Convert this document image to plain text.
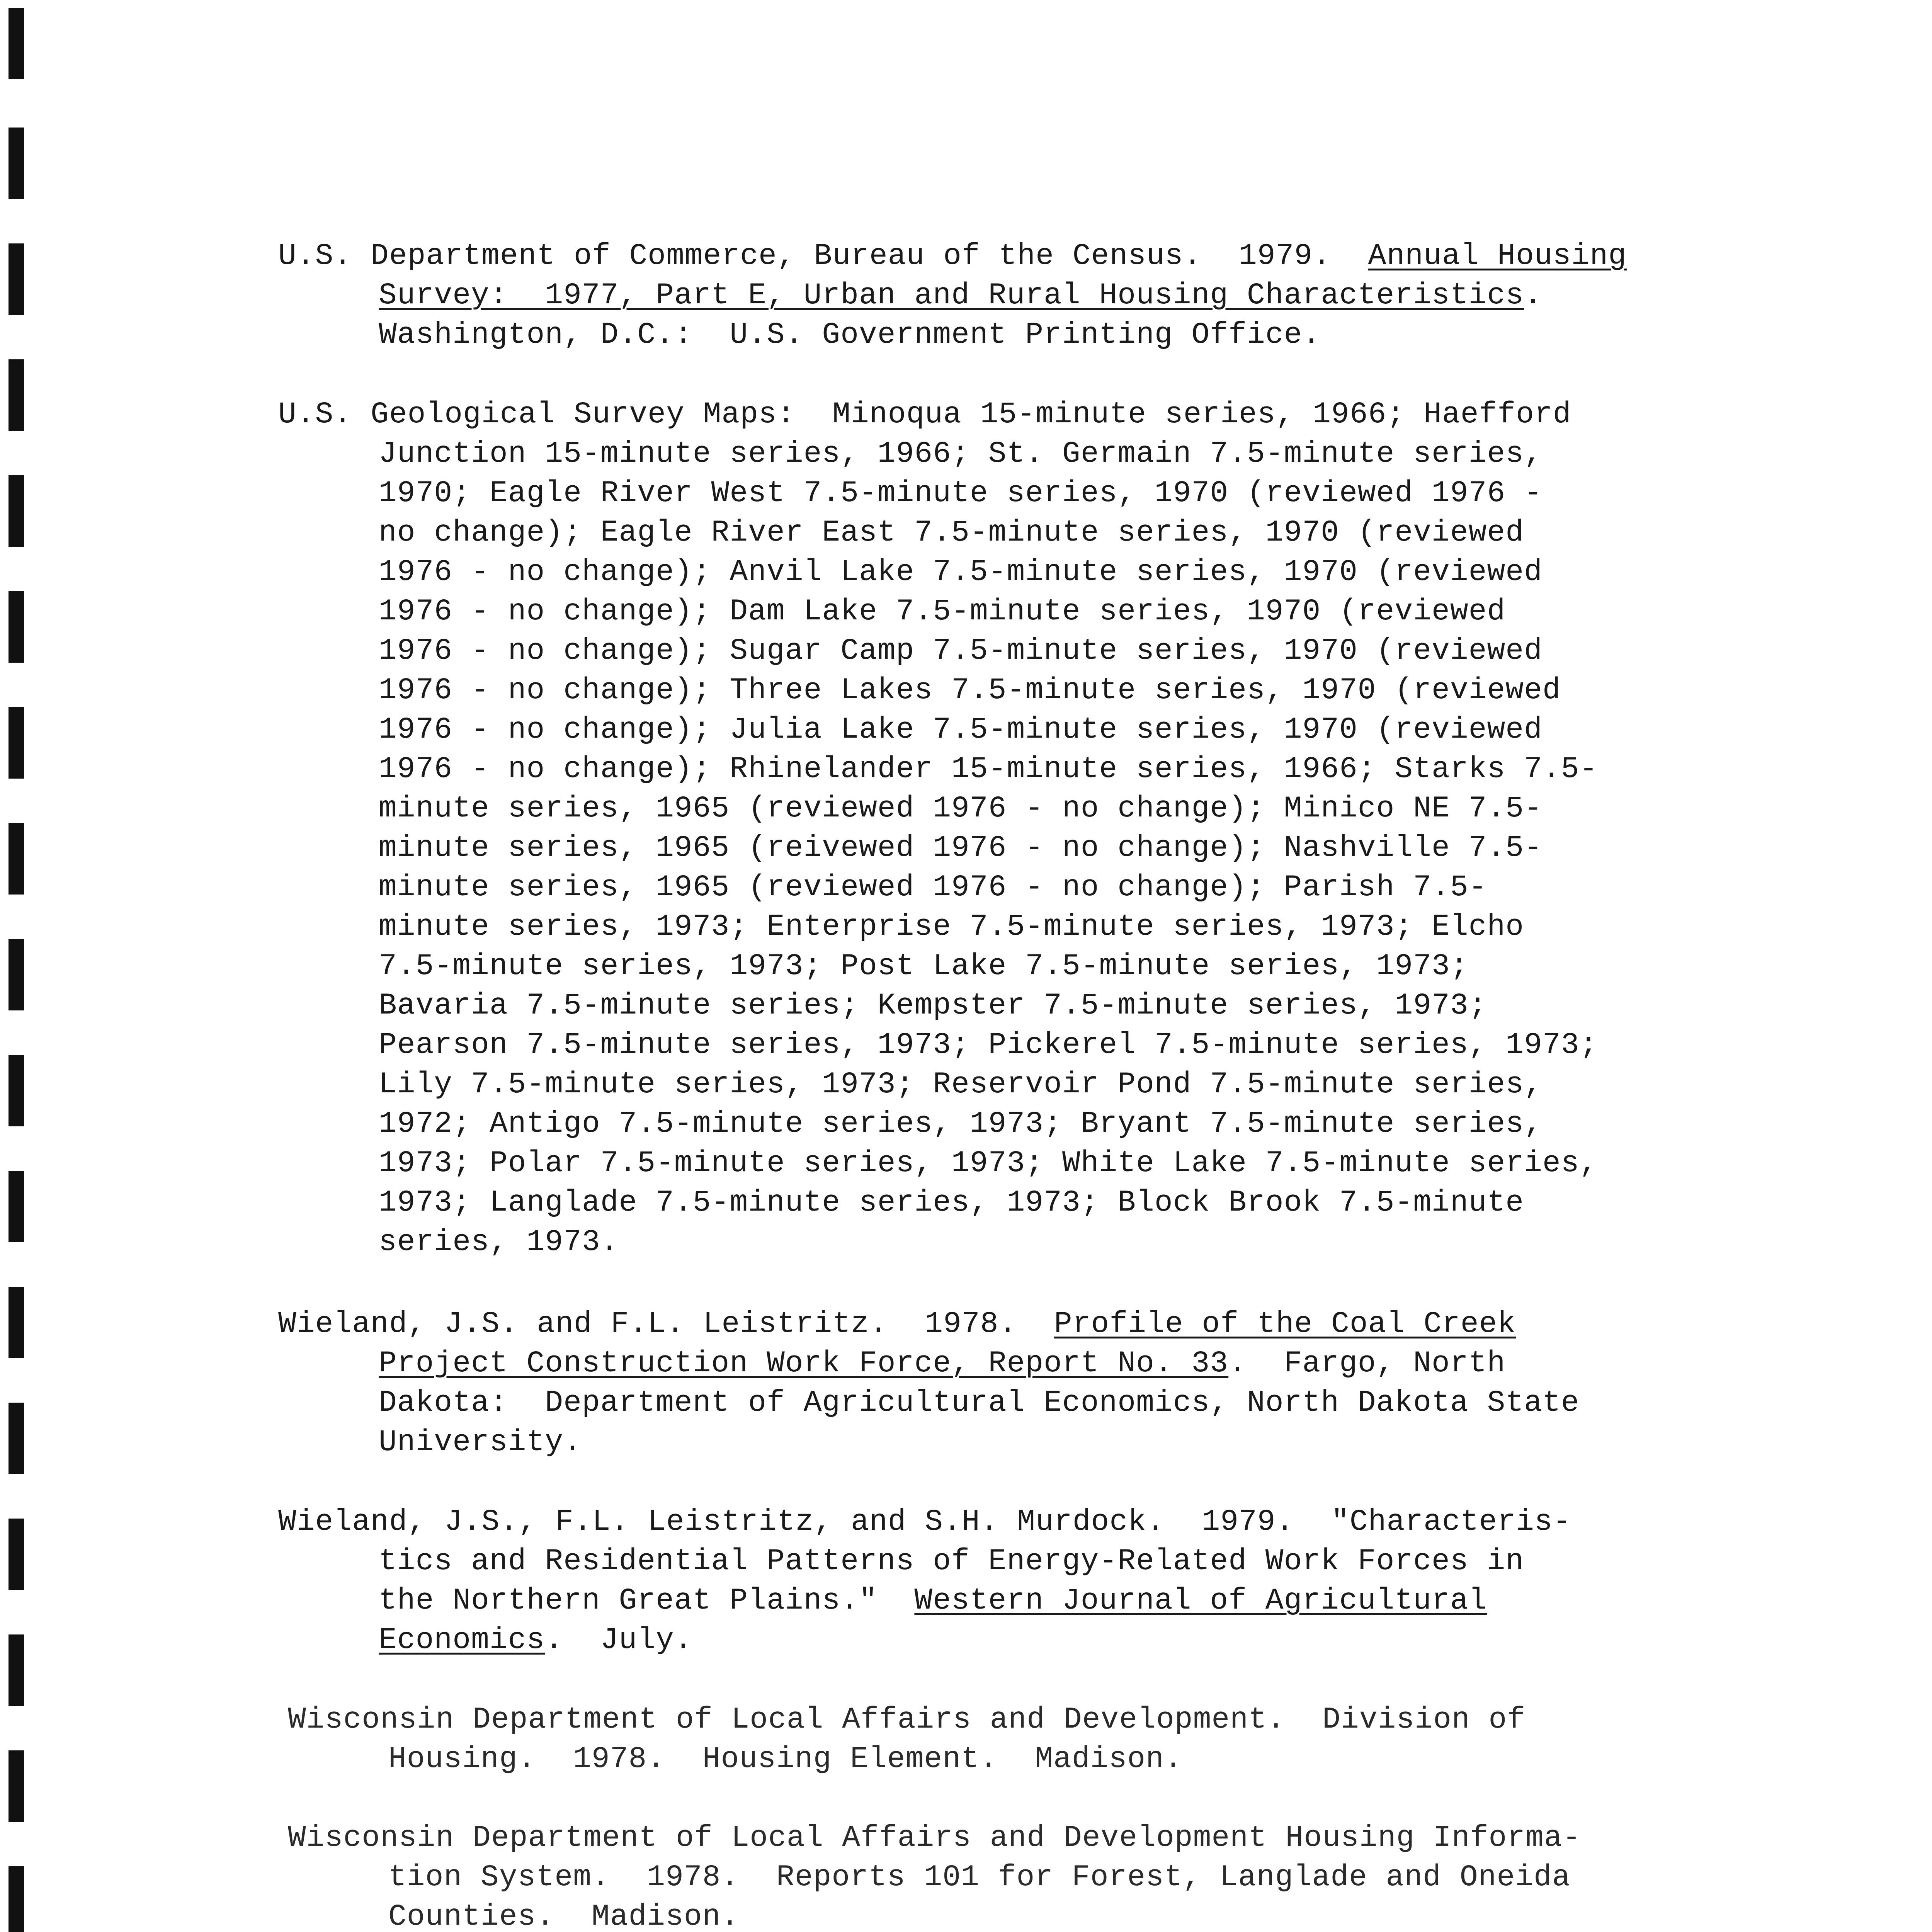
U.S. Department of Commerce, Bureau of the Census.  1979.  Annual Housing
Survey:  1977, Part E, Urban and Rural Housing Characteristics.
Washington, D.C.:  U.S. Government Printing Office.
U.S. Geological Survey Maps:  Minoqua 15-minute series, 1966; Haefford
Junction 15-minute series, 1966; St. Germain 7.5-minute series,
1970; Eagle River West 7.5-minute series, 1970 (reviewed 1976 -
no change); Eagle River East 7.5-minute series, 1970 (reviewed
1976 - no change); Anvil Lake 7.5-minute series, 1970 (reviewed
1976 - no change); Dam Lake 7.5-minute series, 1970 (reviewed
1976 - no change); Sugar Camp 7.5-minute series, 1970 (reviewed
1976 - no change); Three Lakes 7.5-minute series, 1970 (reviewed
1976 - no change); Julia Lake 7.5-minute series, 1970 (reviewed
1976 - no change); Rhinelander 15-minute series, 1966; Starks 7.5-
minute series, 1965 (reviewed 1976 - no change); Minico NE 7.5-
minute series, 1965 (reivewed 1976 - no change); Nashville 7.5-
minute series, 1965 (reviewed 1976 - no change); Parish 7.5-
minute series, 1973; Enterprise 7.5-minute series, 1973; Elcho
7.5-minute series, 1973; Post Lake 7.5-minute series, 1973;
Bavaria 7.5-minute series; Kempster 7.5-minute series, 1973;
Pearson 7.5-minute series, 1973; Pickerel 7.5-minute series, 1973;
Lily 7.5-minute series, 1973; Reservoir Pond 7.5-minute series,
1972; Antigo 7.5-minute series, 1973; Bryant 7.5-minute series,
1973; Polar 7.5-minute series, 1973; White Lake 7.5-minute series,
1973; Langlade 7.5-minute series, 1973; Block Brook 7.5-minute
series, 1973.
Wieland, J.S. and F.L. Leistritz.  1978.  Profile of the Coal Creek
Project Construction Work Force, Report No. 33.  Fargo, North
Dakota:  Department of Agricultural Economics, North Dakota State
University.
Wieland, J.S., F.L. Leistritz, and S.H. Murdock.  1979.  "Characteris-
tics and Residential Patterns of Energy-Related Work Forces in
the Northern Great Plains."  Western Journal of Agricultural
Economics.  July.
Wisconsin Department of Local Affairs and Development.  Division of
Housing.  1978.  Housing Element.  Madison.
Wisconsin Department of Local Affairs and Development Housing Informa-
tion System.  1978.  Reports 101 for Forest, Langlade and Oneida
Counties.  Madison.
